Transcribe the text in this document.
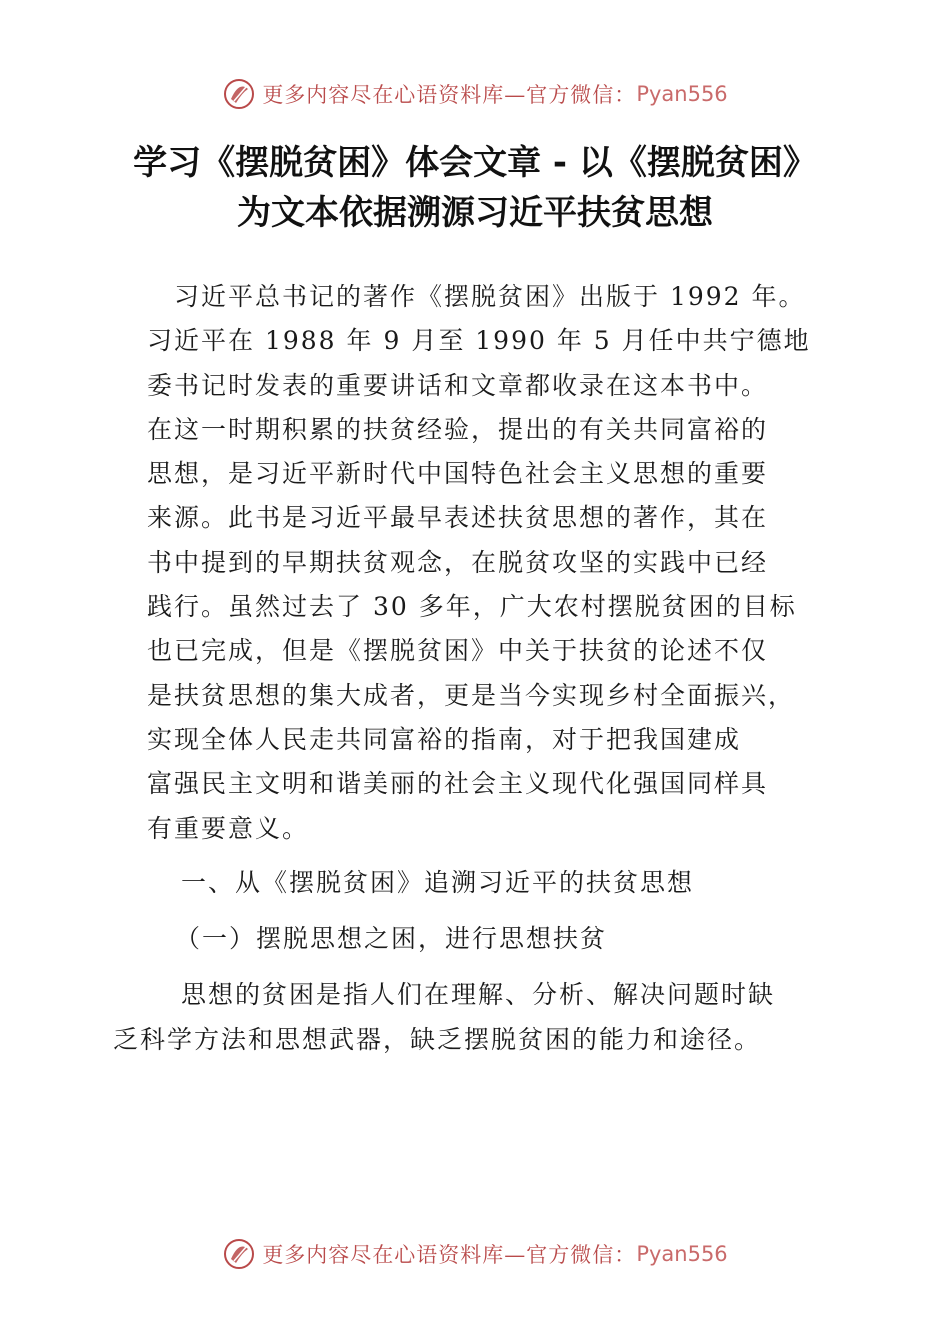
更多内容尽在心语资料库—官方微信： Pyan556
学习《摆脱贫困》体会文章 - 以《摆脱贫困》
为文本依据溯源习近平扶贫思想

　习近平总书记的著作《摆脱贫困》出版于 1992 年。
习近平在 1988 年 9 月至 1990 年 5 月任中共宁德地
委书记时发表的重要讲话和文章都收录在这本书中。
在这一时期积累的扶贫经验，提出的有关共同富裕的
思想，是习近平新时代中国特色社会主义思想的重要
来源。此书是习近平最早表述扶贫思想的著作，其在
书中提到的早期扶贫观念，在脱贫攻坚的实践中已经
践行。虽然过去了 30 多年，广大农村摆脱贫困的目标
也已完成，但是《摆脱贫困》中关于扶贫的论述不仅
是扶贫思想的集大成者，更是当今实现乡村全面振兴，
实现全体人民走共同富裕的指南，对于把我国建成
富强民主文明和谐美丽的社会主义现代化强国同样具
有重要意义。

一、从《摆脱贫困》追溯习近平的扶贫思想

（一）摆脱思想之困，进行思想扶贫

思想的贫困是指人们在理解、分析、解决问题时缺
乏科学方法和思想武器，缺乏摆脱贫困的能力和途径。

更多内容尽在心语资料库—官方微信： Pyan556
